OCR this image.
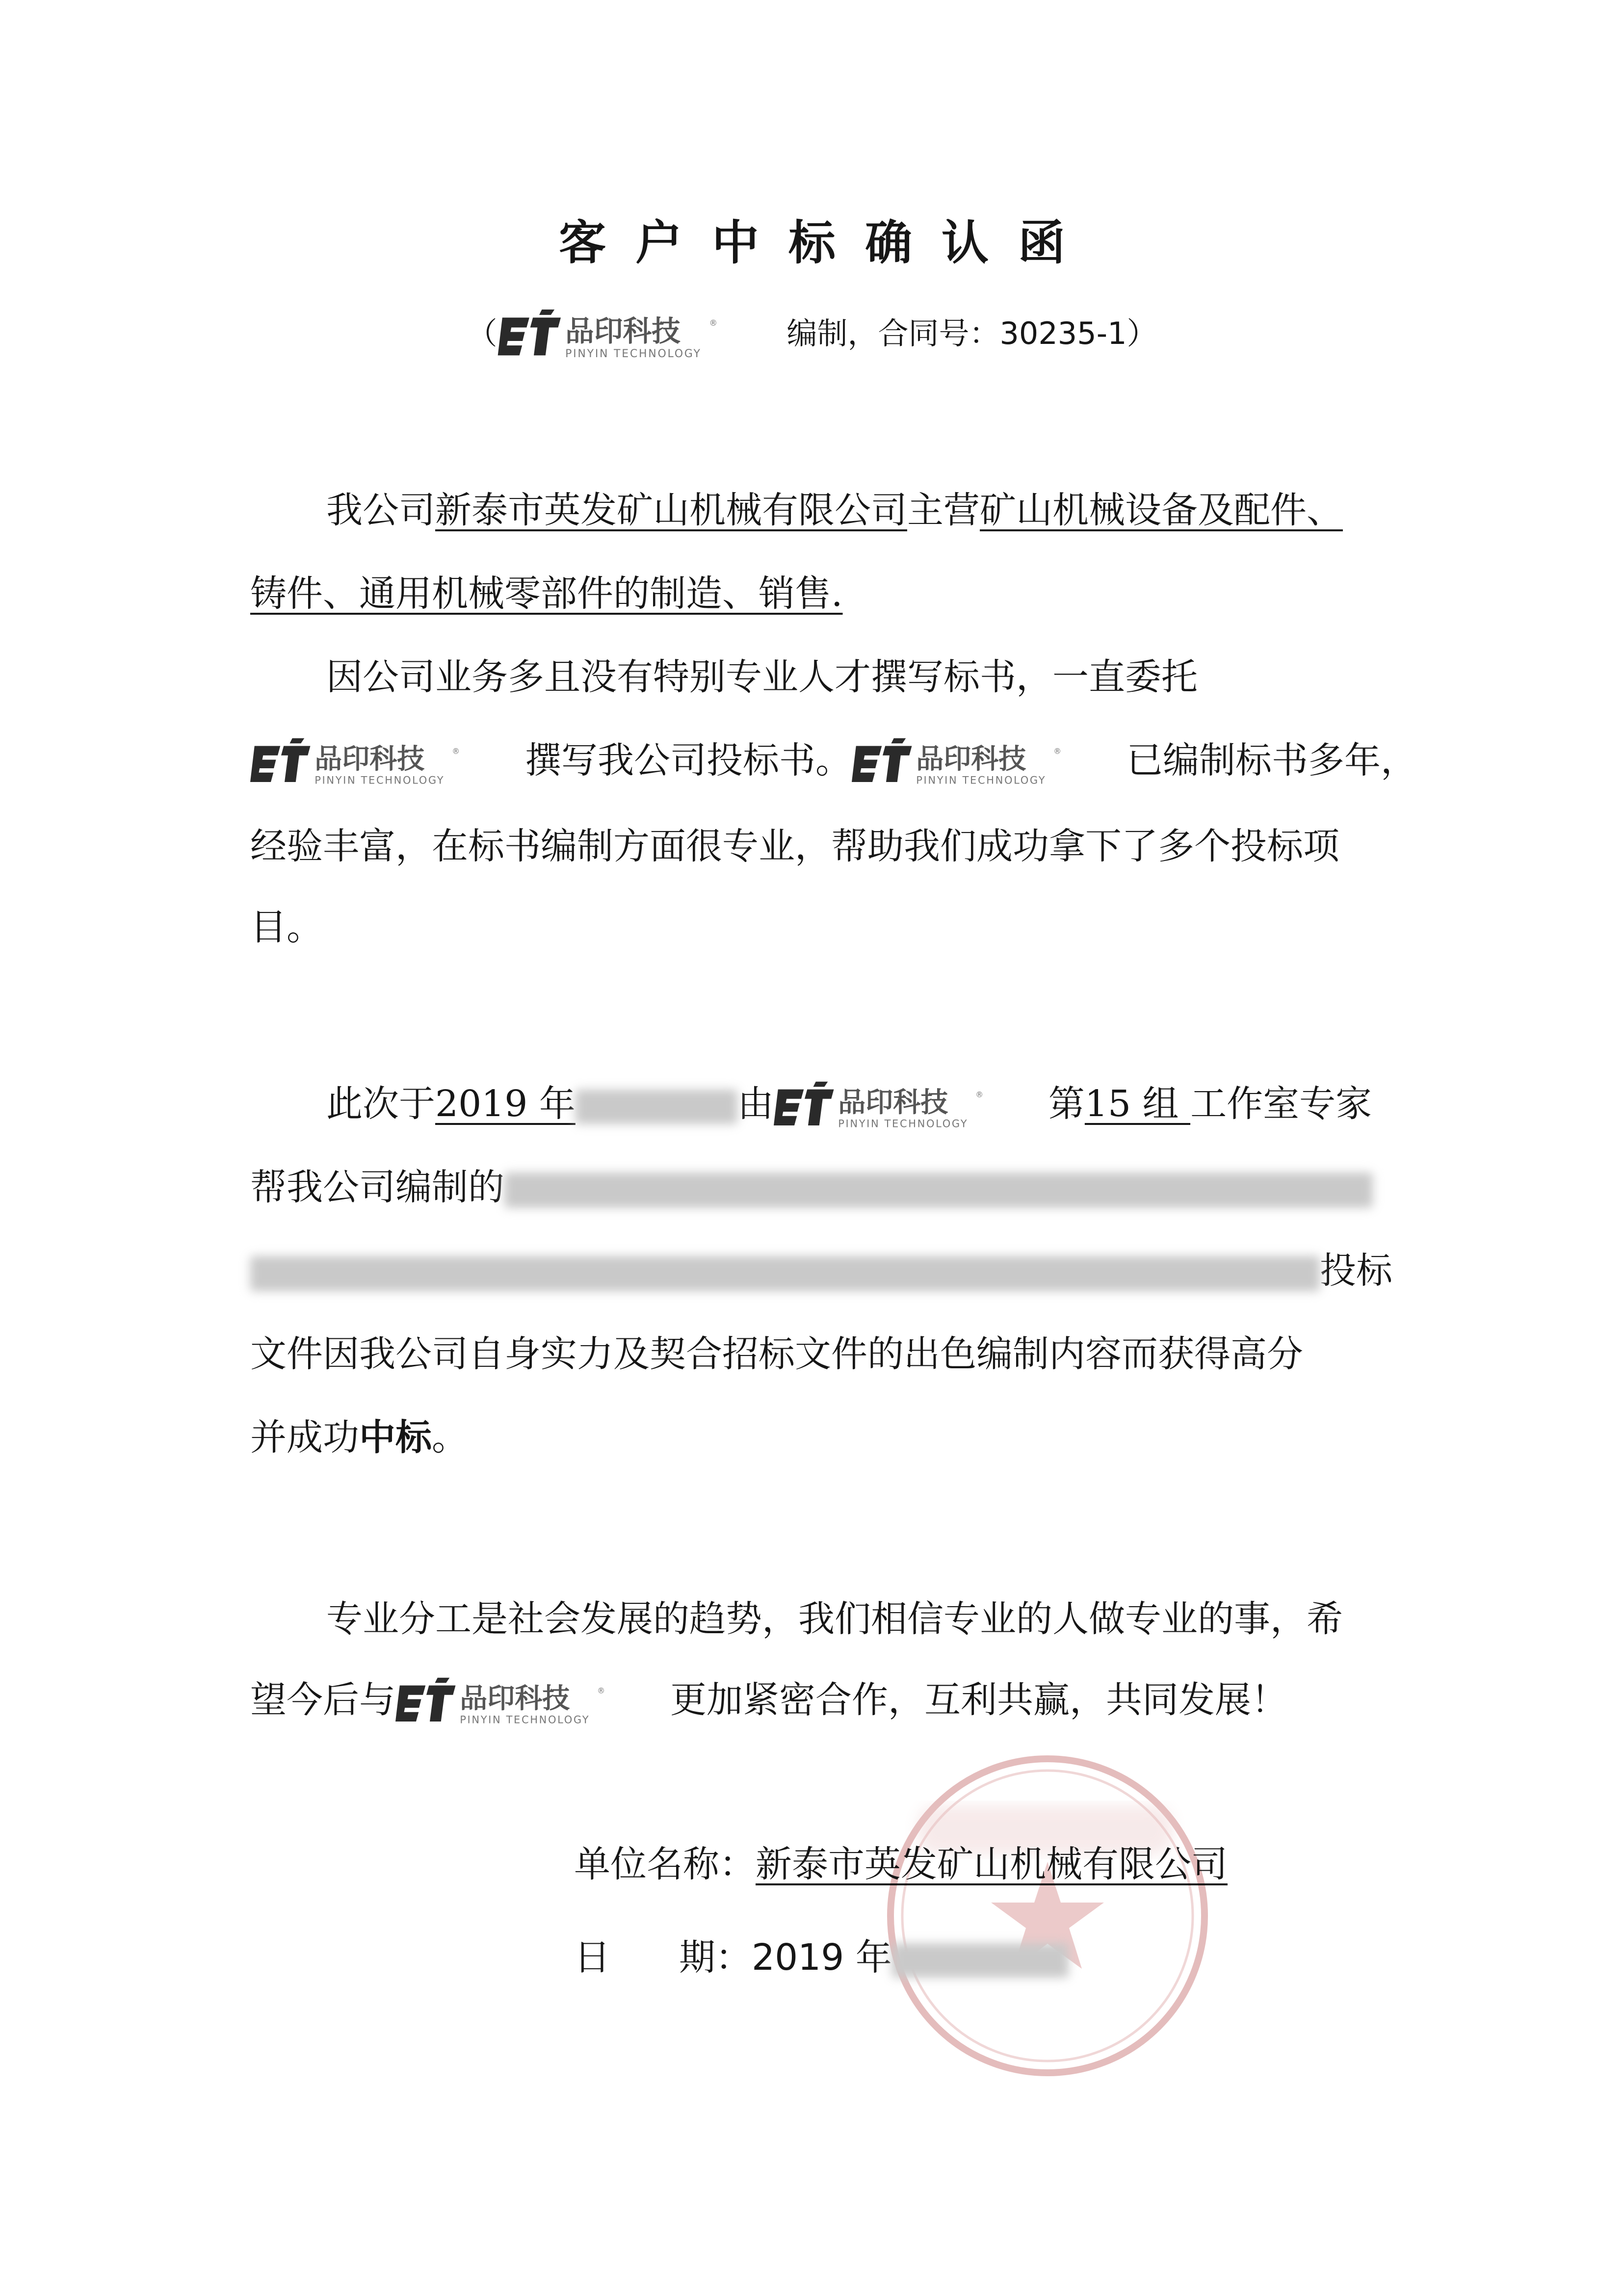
客户中标确认函
（ 品印科技	®
PINYIN TECHNOLOGY
编制，合同号：30235-1）
我公司新泰市英发矿山机械有限公司主营矿山机械设备及配件、
铸件、通用机械零部件的制造、销售.
因公司业务多且没有特别专业人才撰写标书，一直委托
品印科技	®
PINYIN TECHNOLOGY 撰写我公司投标书。 品印科技	®
PINYIN TECHNOLOGY 已编制标书多年，
经验丰富，在标书编制方面很专业，帮助我们成功拿下了多个投标项
目。
此次于2019 年	由 品印科技	®
PINYIN TECHNOLOGY 第15 组 工作室专家
帮我公司编制的
投标
文件因我公司自身实力及契合招标文件的出色编制内容而获得高分
并成功中标。
专业分工是社会发展的趋势，我们相信专业的人做专业的事，希
望今后与 品印科技	®
PINYIN TECHNOLOGY 更加紧密合作，互利共赢，共同发展！
单位名称：新泰市英发矿山机械有限公司
日 期：2019 年
